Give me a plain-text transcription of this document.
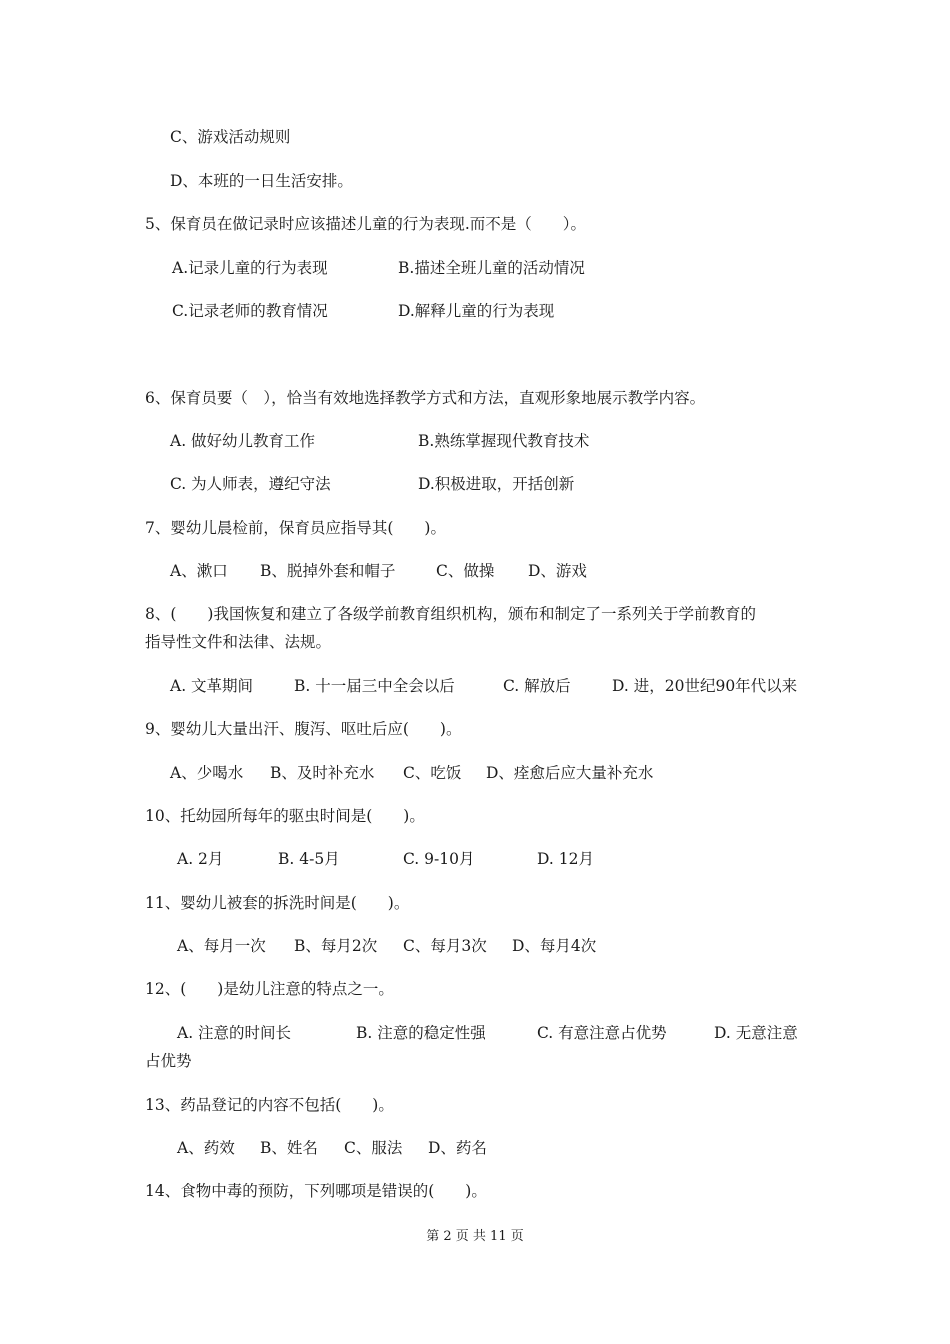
C、游戏活动规则
D、本班的一日生活安排。
5、保育员在做记录时应该描述儿童的行为表现.而不是（　　）。
A.记录儿童的行为表现	B.描述全班儿童的活动情况
C.记录老师的教育情况	D.解释儿童的行为表现
6、保育员要（　），恰当有效地选择教学方式和方法，直观形象地展示教学内容。
A. 做好幼儿教育工作	B.熟练掌握现代教育技术
C. 为人师表，遵纪守法	D.积极进取，开括创新
7、婴幼儿晨检前，保育员应指导其(　　)。
A、漱口 B、脱掉外套和帽子	C、做操 D、游戏
8、(　　)我国恢复和建立了各级学前教育组织机构，颁布和制定了一系列关于学前教育的
指导性文件和法律、法规。
A. 文革期间	B. 十一届三中全会以后	C. 解放后	D. 进，20世纪90年代以来
9、婴幼儿大量出汗、腹泻、呕吐后应(　　)。
A、少喝水 B、及时补充水 C、吃饭 D、痊愈后应大量补充水
10、托幼园所每年的驱虫时间是(　　)。
A. 2月	B. 4-5月	C. 9-10月	D. 12月
11、婴幼儿被套的拆洗时间是(　　)。
A、每月一次 B、每月2次 C、每月3次 D、每月4次
12、(　　)是幼儿注意的特点之一。
A. 注意的时间长	B. 注意的稳定性强	C. 有意注意占优势	D. 无意注意
占优势
13、药品登记的内容不包括(　　)。
A、药效 B、姓名 C、服法 D、药名
14、食物中毒的预防，下列哪项是错误的(　　)。
第 2 页 共 11 页
